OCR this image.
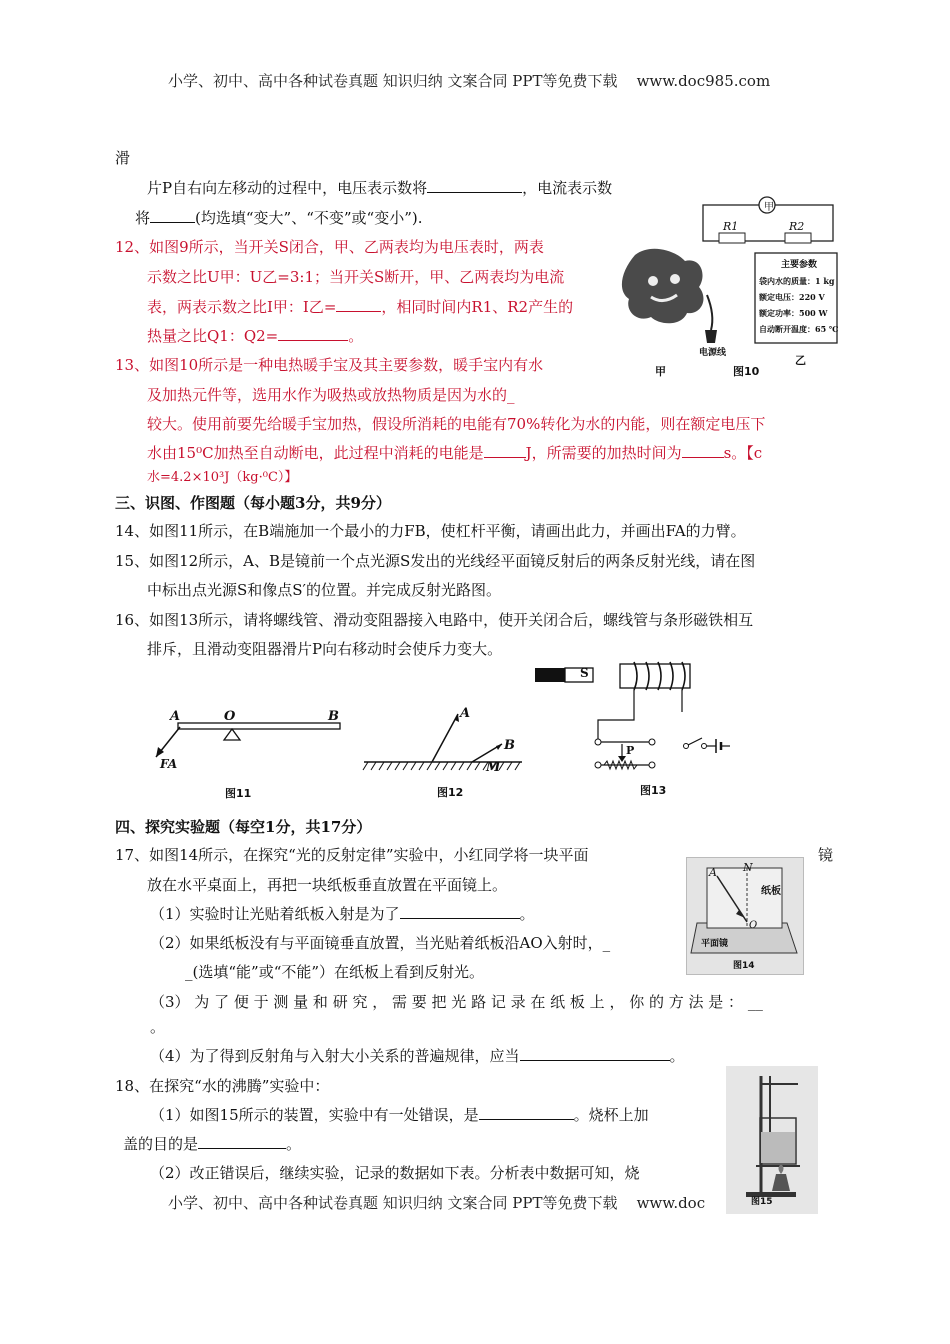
小学、初中、高中各种试卷真题 知识归纳 文案合同 PPT等免费下载 www.doc985.com
滑
片P自右向左移动的过程中，电压表示数将	，电流表示数
将	(均选填“变大”、“不变”或“变小”).
12、如图9所示，当开关S闭合，甲、乙两表均为电压表时，两表
示数之比U甲：U乙=3:1；当开关S断开，甲、乙两表均为电流
表，两表示数之比I甲：I乙=	，相同时间内R1、R2产生的
热量之比Q1：Q2=	。
13、如图10所示是一种电热暖手宝及其主要参数，暖手宝内有水
及加热元件等，选用水作为吸热或放热物质是因为水的_
较大。使用前要先给暖手宝加热，假设所消耗的电能有70%转化为水的内能，则在额定电压下
水由15⁰C加热至自动断电，此过程中消耗的电能是	J，所需要的加热时间为	s。【c
水=4.2×10³J（kg·⁰C）】
甲
R1	R2
主要参数
袋内水的质量：1 kg
额定电压：220 V
额定功率：500 W
自动断开温度：65 ℃
电源线
甲
乙
图10
三、识图、作图题（每小题3分，共9分）
14、如图11所示，在B端施加一个最小的力FB，使杠杆平衡，请画出此力，并画出FA的力臂。
15、如图12所示，A、B是镜前一个点光源S发出的光线经平面镜反射后的两条反射光线，请在图
中标出点光源S和像点S′的位置。并完成反射光路图。
16、如图13所示，请将螺线管、滑动变阻器接入电路中，使开关闭合后，螺线管与条形磁铁相互
排斥，且滑动变阻器滑片P向右移动时会使斥力变大。
A	O	B
FA
图11
A
B
M
图12
S
P
图13
四、探究实验题（每空1分，共17分）
17、如图14所示，在探究“光的反射定律”实验中，小红同学将一块平面	镜
放在水平桌面上，再把一块纸板垂直放置在平面镜上。
（1）实验时让光贴着纸板入射是为了	。
（2）如果纸板没有与平面镜垂直放置，当光贴着纸板沿AO入射时，_
_(选填“能”或“不能”）在纸板上看到反射光。
（3） 为 了 便 于 测 量 和 研 究 ， 需 要 把 光 路 记 录 在 纸 板 上 ， 你 的 方 法 是 ： __
。
（4）为了得到反射角与入射大小关系的普遍规律，应当	。
18、在探究“水的沸腾”实验中：
（1）如图15所示的装置，实验中有一处错误，是	。烧杯上加
盖的目的是	。
（2）改正错误后，继续实验，记录的数据如下表。分析表中数据可知，烧
A N
纸板
O
平面镜
图14
图15
小学、初中、高中各种试卷真题 知识归纳 文案合同 PPT等免费下载 www.doc
